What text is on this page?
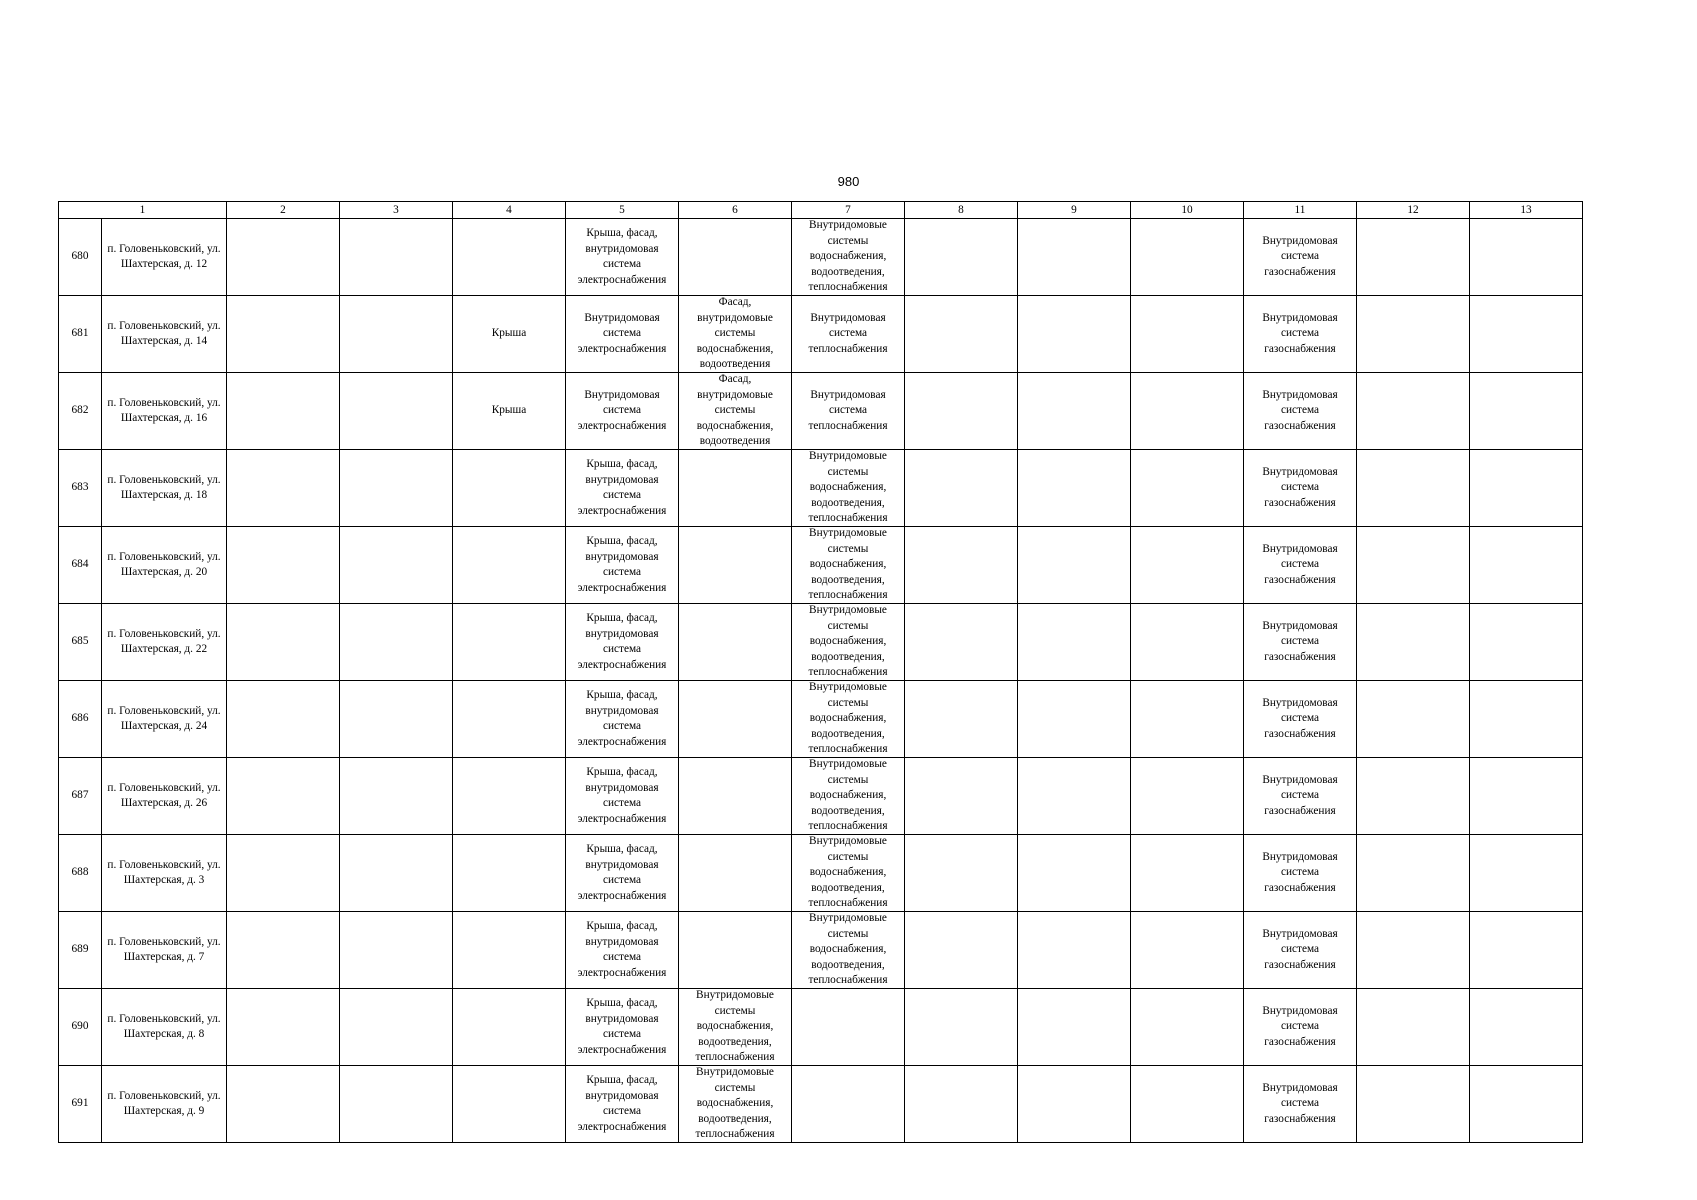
980
1		2	3	4	5	6	7	8	9	10	11	12	13

680	п. Головеньковский, ул. Шахтерская, д. 12				Крыша, фасад, внутридомовая система электроснабжения		Внутридомовые системы водоснабжения, водоотведения, теплоснабжения				Внутридомовая система газоснабжения		

681	п. Головеньковский, ул. Шахтерская, д. 14			Крыша	Внутридомовая система электроснабжения	Фасад, внутридомовые системы водоснабжения, водоотведения	Внутридомовая система теплоснабжения				Внутридомовая система газоснабжения		

682	п. Головеньковский, ул. Шахтерская, д. 16			Крыша	Внутридомовая система электроснабжения	Фасад, внутридомовые системы водоснабжения, водоотведения	Внутридомовая система теплоснабжения				Внутридомовая система газоснабжения		

683	п. Головеньковский, ул. Шахтерская, д. 18				Крыша, фасад, внутридомовая система электроснабжения		Внутридомовые системы водоснабжения, водоотведения, теплоснабжения				Внутридомовая система газоснабжения		

684	п. Головеньковский, ул. Шахтерская, д. 20				Крыша, фасад, внутридомовая система электроснабжения		Внутридомовые системы водоснабжения, водоотведения, теплоснабжения				Внутридомовая система газоснабжения		

685	п. Головеньковский, ул. Шахтерская, д. 22				Крыша, фасад, внутридомовая система электроснабжения		Внутридомовые системы водоснабжения, водоотведения, теплоснабжения				Внутридомовая система газоснабжения		

686	п. Головеньковский, ул. Шахтерская, д. 24				Крыша, фасад, внутридомовая система электроснабжения		Внутридомовые системы водоснабжения, водоотведения, теплоснабжения				Внутридомовая система газоснабжения		

687	п. Головеньковский, ул. Шахтерская, д. 26				Крыша, фасад, внутридомовая система электроснабжения		Внутридомовые системы водоснабжения, водоотведения, теплоснабжения				Внутридомовая система газоснабжения		

688	п. Головеньковский, ул. Шахтерская, д. 3				Крыша, фасад, внутридомовая система электроснабжения		Внутридомовые системы водоснабжения, водоотведения, теплоснабжения				Внутридомовая система газоснабжения		

689	п. Головеньковский, ул. Шахтерская, д. 7				Крыша, фасад, внутридомовая система электроснабжения		Внутридомовые системы водоснабжения, водоотведения, теплоснабжения				Внутридомовая система газоснабжения		

690	п. Головеньковский, ул. Шахтерская, д. 8				Крыша, фасад, внутридомовая система электроснабжения	Внутридомовые системы водоснабжения, водоотведения, теплоснабжения					Внутридомовая система газоснабжения		

691	п. Головеньковский, ул. Шахтерская, д. 9				Крыша, фасад, внутридомовая система электроснабжения	Внутридомовые системы водоснабжения, водоотведения, теплоснабжения					Внутридомовая система газоснабжения		
